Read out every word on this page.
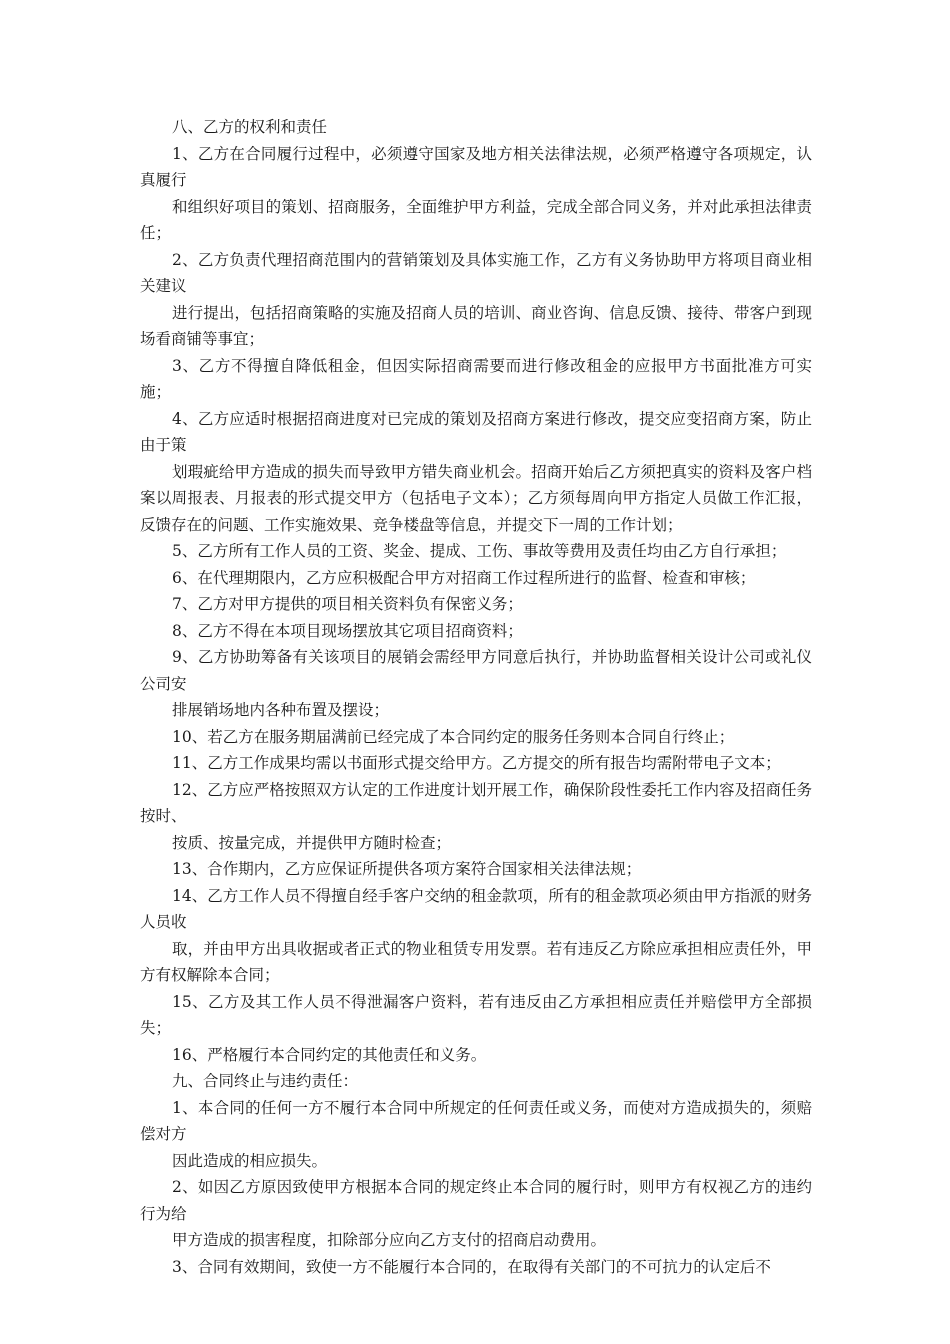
八、乙方的权利和责任

1、乙方在合同履行过程中，必须遵守国家及地方相关法律法规，必须严格遵守各项规定，认真履行

和组织好项目的策划、招商服务，全面维护甲方利益，完成全部合同义务，并对此承担法律责任；

2、乙方负责代理招商范围内的营销策划及具体实施工作，乙方有义务协助甲方将项目商业相关建议

进行提出，包括招商策略的实施及招商人员的培训、商业咨询、信息反馈、接待、带客户到现场看商铺等事宜；

3、乙方不得擅自降低租金，但因实际招商需要而进行修改租金的应报甲方书面批准方可实施；

4、乙方应适时根据招商进度对已完成的策划及招商方案进行修改，提交应变招商方案，防止由于策

划瑕疵给甲方造成的损失而导致甲方错失商业机会。招商开始后乙方须把真实的资料及客户档案以周报表、月报表的形式提交甲方（包括电子文本）；乙方须每周向甲方指定人员做工作汇报，反馈存在的问题、工作实施效果、竞争楼盘等信息，并提交下一周的工作计划；

5、乙方所有工作人员的工资、奖金、提成、工伤、事故等费用及责任均由乙方自行承担；

6、在代理期限内，乙方应积极配合甲方对招商工作过程所进行的监督、检查和审核；

7、乙方对甲方提供的项目相关资料负有保密义务；

8、乙方不得在本项目现场摆放其它项目招商资料；

9、乙方协助筹备有关该项目的展销会需经甲方同意后执行，并协助监督相关设计公司或礼仪公司安

排展销场地内各种布置及摆设；

10、若乙方在服务期届满前已经完成了本合同约定的服务任务则本合同自行终止；

11、乙方工作成果均需以书面形式提交给甲方。乙方提交的所有报告均需附带电子文本；

12、乙方应严格按照双方认定的工作进度计划开展工作，确保阶段性委托工作内容及招商任务按时、

按质、按量完成，并提供甲方随时检查；

13、合作期内，乙方应保证所提供各项方案符合国家相关法律法规；

14、乙方工作人员不得擅自经手客户交纳的租金款项，所有的租金款项必须由甲方指派的财务人员收

取，并由甲方出具收据或者正式的物业租赁专用发票。若有违反乙方除应承担相应责任外，甲方有权解除本合同；

15、乙方及其工作人员不得泄漏客户资料，若有违反由乙方承担相应责任并赔偿甲方全部损失；

16、严格履行本合同约定的其他责任和义务。

九、合同终止与违约责任：

1、本合同的任何一方不履行本合同中所规定的任何责任或义务，而使对方造成损失的，须赔偿对方

因此造成的相应损失。

2、如因乙方原因致使甲方根据本合同的规定终止本合同的履行时，则甲方有权视乙方的违约行为给

甲方造成的损害程度，扣除部分应向乙方支付的招商启动费用。

3、合同有效期间，致使一方不能履行本合同的，在取得有关部门的不可抗力的认定后不
